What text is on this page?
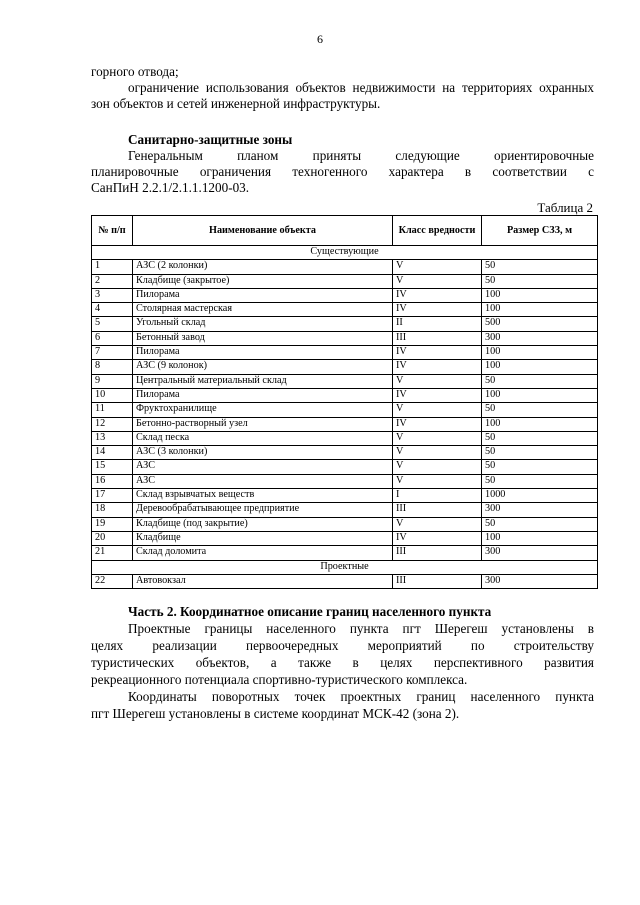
6
горного отвода;
ограничение использования объектов недвижимости на территориях охранных зон объектов и сетей инженерной инфраструктуры.
Санитарно-защитные зоны
Генеральным планом приняты следующие ориентировочные
планировочные ограничения техногенного характера в соответствии с
СанПиН 2.2.1/2.1.1.1200-03.
Таблица 2
№ п/п	Наименование объекта	Класс вредности	Размер СЗЗ, м
Существующие			
1	АЗС (2 колонки)	V	50
2	Кладбище (закрытое)	V	50
3	Пилорама	IV	100
4	Столярная мастерская	IV	100
5	Угольный склад	II	500
6	Бетонный завод	III	300
7	Пилорама	IV	100
8	АЗС (9 колонок)	IV	100
9	Центральный материальный склад	V	50
10	Пилорама	IV	100
11	Фруктохранилище	V	50
12	Бетонно-растворный узел	IV	100
13	Склад песка	V	50
14	АЗС (3 колонки)	V	50
15	АЗС	V	50
16	АЗС	V	50
17	Склад взрывчатых веществ	I	1000
18	Деревообрабатывающее предприятие	III	300
19	Кладбище (под закрытие)	V	50
20	Кладбище	IV	100
21	Склад доломита	III	300
Проектные			
22	Автовокзал	III	300
Часть 2. Координатное описание границ населенного пункта
Проектные границы населенного пункта пгт Шерегеш установлены в
целях реализации первоочередных мероприятий по строительству
туристических объектов, а также в целях перспективного развития
рекреационного потенциала спортивно-туристического комплекса.
Координаты поворотных точек проектных границ населенного пункта
пгт Шерегеш установлены в системе координат МСК-42 (зона 2).
